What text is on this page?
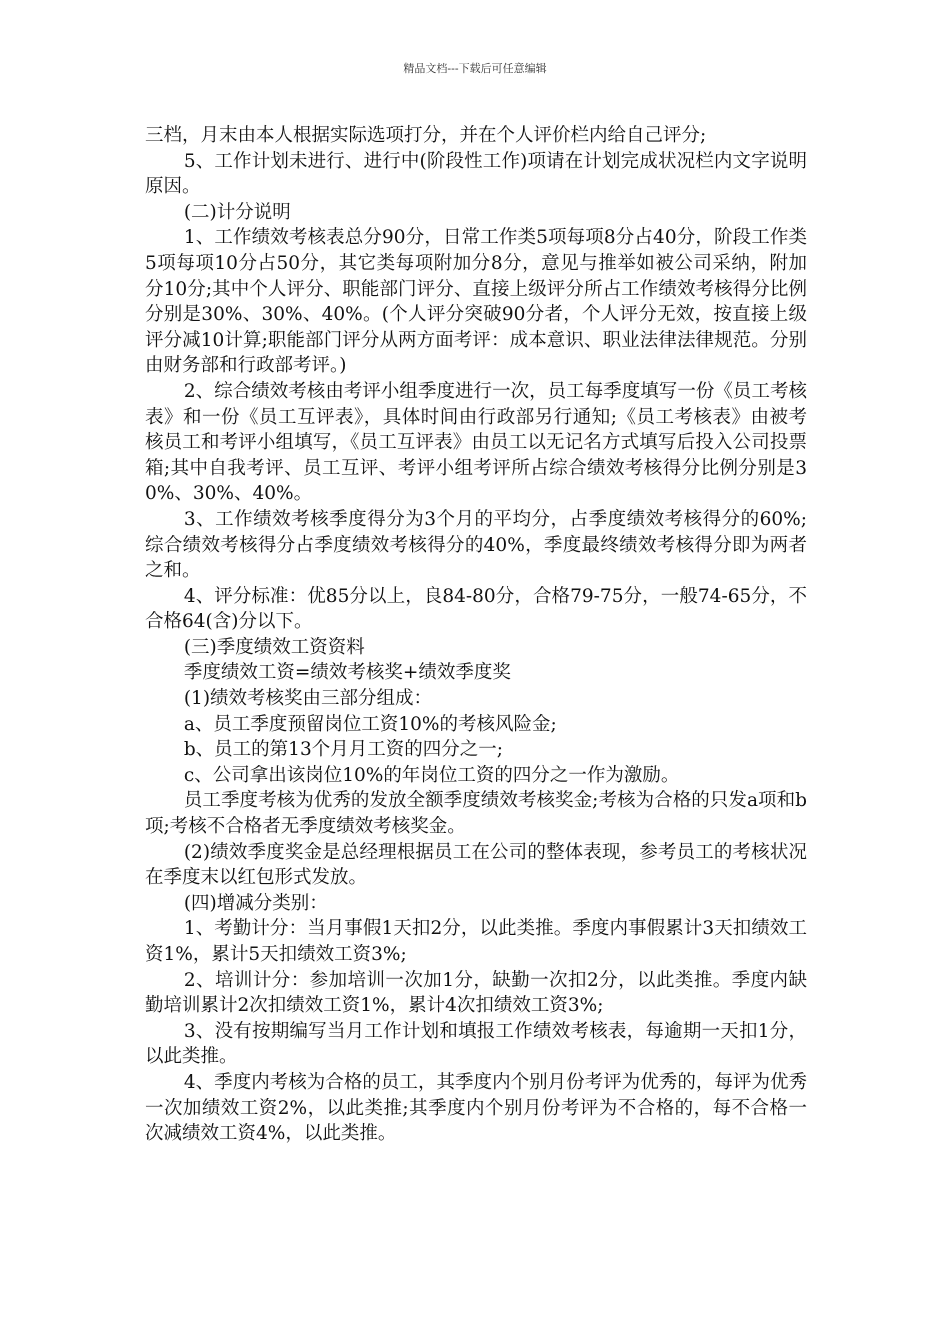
精品文档---下载后可任意编辑

三档，月末由本人根据实际选项打分，并在个人评价栏内给自己评分;

5、工作计划未进行、进行中(阶段性工作)项请在计划完成状况栏内文字说明原因。

(二)计分说明

1、工作绩效考核表总分90分，日常工作类5项每项8分占40分，阶段工作类5项每项10分占50分，其它类每项附加分8分，意见与推举如被公司采纳，附加分10分;其中个人评分、职能部门评分、直接上级评分所占工作绩效考核得分比例分别是30%、30%、40%。(个人评分突破90分者，个人评分无效，按直接上级评分减10计算;职能部门评分从两方面考评：成本意识、职业法律法律规范。分别由财务部和行政部考评。)

2、综合绩效考核由考评小组季度进行一次，员工每季度填写一份《员工考核表》和一份《员工互评表》，具体时间由行政部另行通知;《员工考核表》由被考核员工和考评小组填写，《员工互评表》由员工以无记名方式填写后投入公司投票箱;其中自我考评、员工互评、考评小组考评所占综合绩效考核得分比例分别是30%、30%、40%。

3、工作绩效考核季度得分为3个月的平均分，占季度绩效考核得分的60%;综合绩效考核得分占季度绩效考核得分的40%，季度最终绩效考核得分即为两者之和。

4、评分标准：优85分以上，良84-80分，合格79-75分，一般74-65分，不合格64(含)分以下。

(三)季度绩效工资资料

季度绩效工资=绩效考核奖+绩效季度奖

(1)绩效考核奖由三部分组成：

a、员工季度预留岗位工资10%的考核风险金;

b、员工的第13个月月工资的四分之一;

c、公司拿出该岗位10%的年岗位工资的四分之一作为激励。

员工季度考核为优秀的发放全额季度绩效考核奖金;考核为合格的只发a项和b项;考核不合格者无季度绩效考核奖金。

(2)绩效季度奖金是总经理根据员工在公司的整体表现，参考员工的考核状况在季度末以红包形式发放。

(四)增减分类别：

1、考勤计分：当月事假1天扣2分，以此类推。季度内事假累计3天扣绩效工资1%，累计5天扣绩效工资3%;

2、培训计分：参加培训一次加1分，缺勤一次扣2分，以此类推。季度内缺勤培训累计2次扣绩效工资1%，累计4次扣绩效工资3%;

3、没有按期编写当月工作计划和填报工作绩效考核表，每逾期一天扣1分，以此类推。

4、季度内考核为合格的员工，其季度内个别月份考评为优秀的，每评为优秀一次加绩效工资2%，以此类推;其季度内个别月份考评为不合格的，每不合格一次减绩效工资4%，以此类推。
